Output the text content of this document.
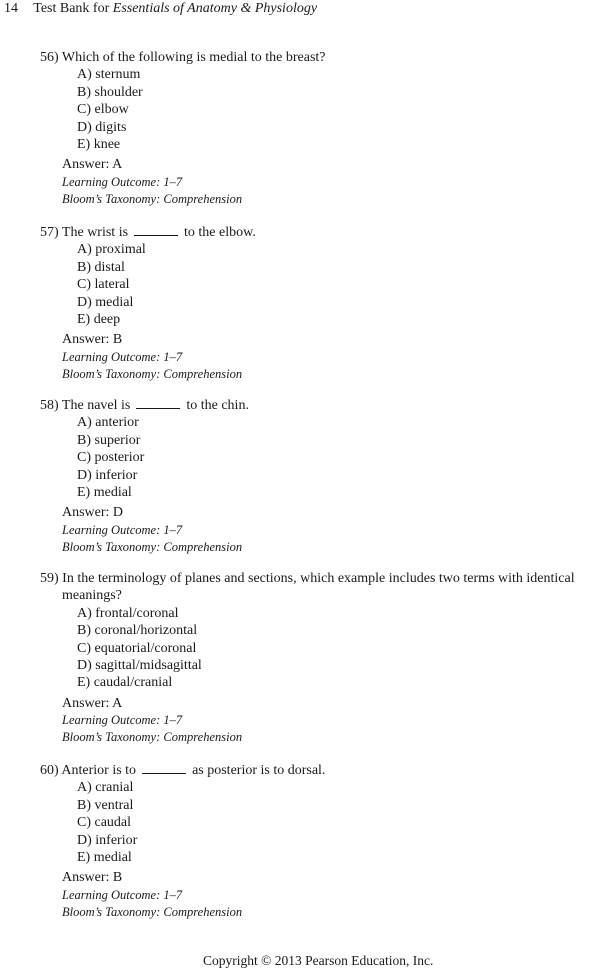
14 Test Bank for Essentials of Anatomy & Physiology
56) Which of the following is medial to the breast?
A) sternum
B) shoulder
C) elbow
D) digits
E) knee
Answer: A
Learning Outcome: 1–7
Bloom’s Taxonomy: Comprehension
57) The wrist is	to the elbow.
A) proximal
B) distal
C) lateral
D) medial
E) deep
Answer: B
Learning Outcome: 1–7
Bloom’s Taxonomy: Comprehension
58) The navel is	to the chin.
A) anterior
B) superior
C) posterior
D) inferior
E) medial
Answer: D
Learning Outcome: 1–7
Bloom’s Taxonomy: Comprehension
59) In the terminology of planes and sections, which example includes two terms with identical meanings?
A) frontal/coronal
B) coronal/horizontal
C) equatorial/coronal
D) sagittal/midsagittal
E) caudal/cranial
Answer: A
Learning Outcome: 1–7
Bloom’s Taxonomy: Comprehension
60) Anterior is to	as posterior is to dorsal.
A) cranial
B) ventral
C) caudal
D) inferior
E) medial
Answer: B
Learning Outcome: 1–7
Bloom’s Taxonomy: Comprehension
Copyright © 2013 Pearson Education, Inc.
